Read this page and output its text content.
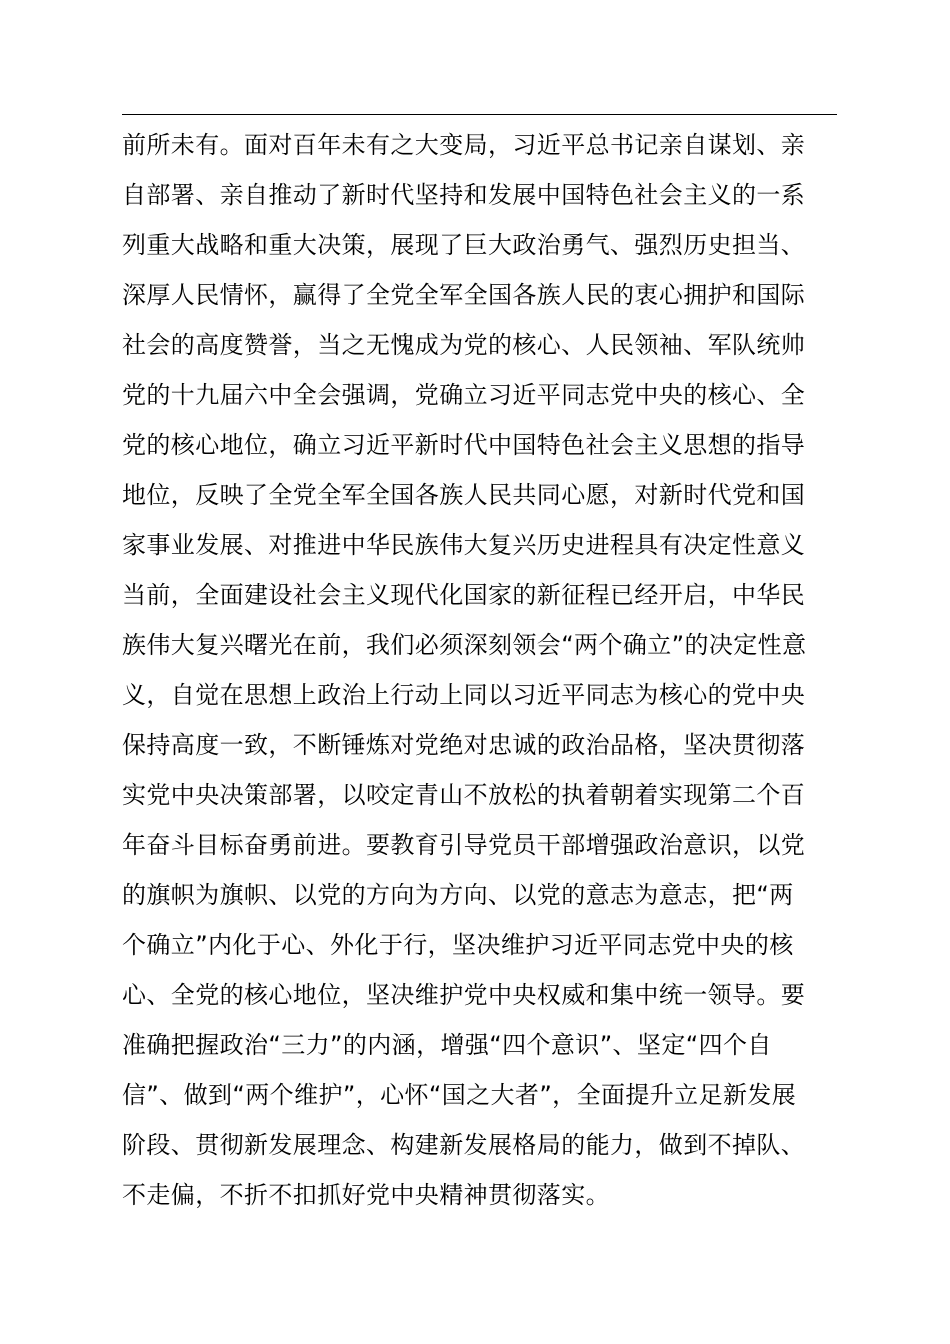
前所未有。面对百年未有之大变局，习近平总书记亲自谋划、亲
自部署、亲自推动了新时代坚持和发展中国特色社会主义的一系
列重大战略和重大决策，展现了巨大政治勇气、强烈历史担当、
深厚人民情怀，赢得了全党全军全国各族人民的衷心拥护和国际
社会的高度赞誉，当之无愧成为党的核心、人民领袖、军队统帅
党的十九届六中全会强调，党确立习近平同志党中央的核心、全
党的核心地位，确立习近平新时代中国特色社会主义思想的指导
地位，反映了全党全军全国各族人民共同心愿，对新时代党和国
家事业发展、对推进中华民族伟大复兴历史进程具有决定性意义
当前，全面建设社会主义现代化国家的新征程已经开启，中华民
族伟大复兴曙光在前，我们必须深刻领会“两个确立”的决定性意
义，自觉在思想上政治上行动上同以习近平同志为核心的党中央
保持高度一致，不断锤炼对党绝对忠诚的政治品格，坚决贯彻落
实党中央决策部署，以咬定青山不放松的执着朝着实现第二个百
年奋斗目标奋勇前进。要教育引导党员干部增强政治意识，以党
的旗帜为旗帜、以党的方向为方向、以党的意志为意志，把“两
个确立”内化于心、外化于行，坚决维护习近平同志党中央的核
心、全党的核心地位，坚决维护党中央权威和集中统一领导。要
准确把握政治“三力”的内涵，增强“四个意识”、坚定“四个自
信”、做到“两个维护”，心怀“国之大者”，全面提升立足新发展
阶段、贯彻新发展理念、构建新发展格局的能力，做到不掉队、
不走偏，不折不扣抓好党中央精神贯彻落实。
